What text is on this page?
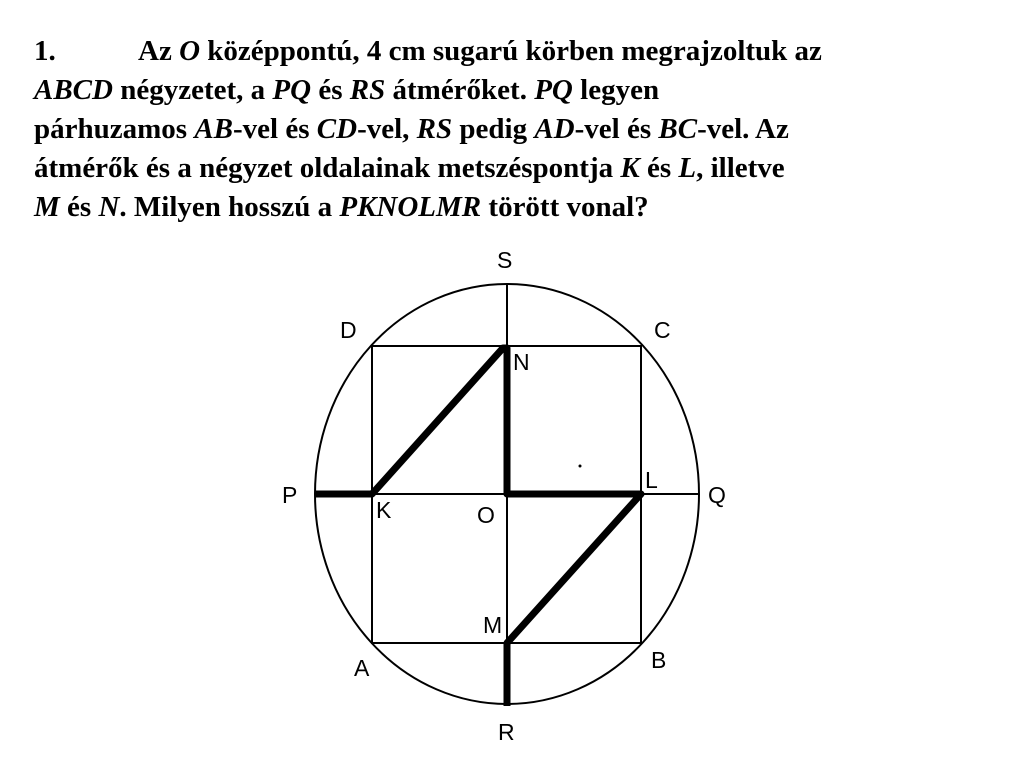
1.	Az O középpontú, 4 cm sugarú körben megrajzoltuk az
ABCD négyzetet, a PQ és RS átmérőket. PQ legyen
párhuzamos AB-vel és CD-vel, RS pedig AD-vel és BC-vel. Az
átmérők és a négyzet oldalainak metszéspontja K és L, illetve
M és N. Milyen hosszú a PKNOLMR törött vonal?
S
D	C
N
P
K	O
L
Q
M
A	B
R
